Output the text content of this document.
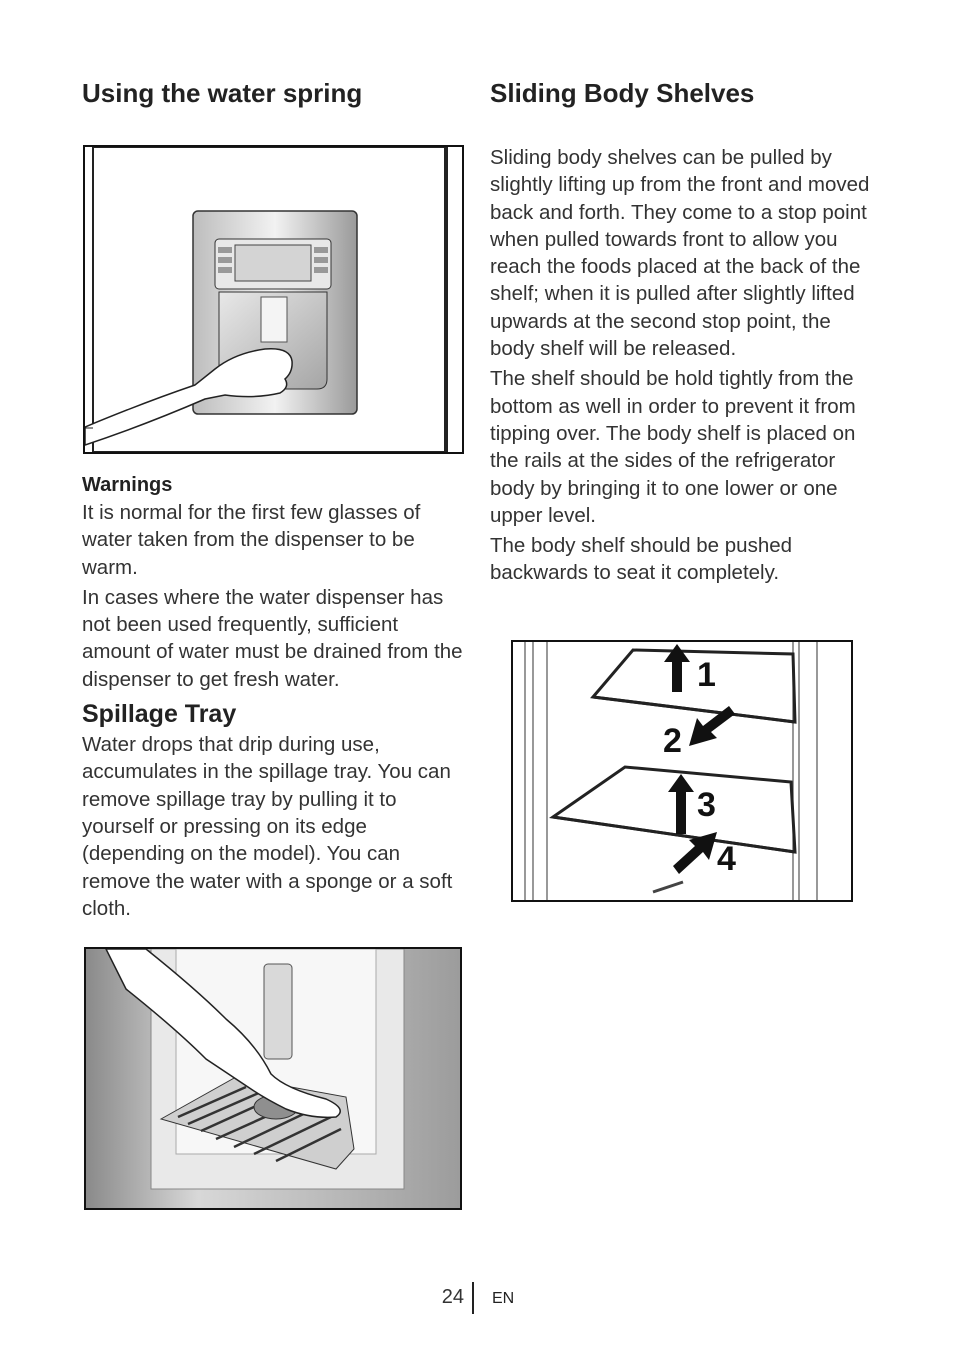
Using the water spring
Warnings

It is normal for the first few glasses of water taken from the dispenser to be warm.

In cases where the water dispenser has not been used frequently, sufficient amount of water must be drained from the dispenser to get fresh water.

Spillage Tray

Water drops that drip during use, accumulates in the spillage tray. You can remove spillage tray by pulling it to yourself or pressing on its edge (depending on the model). You can remove the water with a sponge or a soft cloth.

Sliding Body Shelves

Sliding body shelves can be pulled by slightly lifting up from the front and moved back and forth. They come to a stop point when pulled towards front to allow you reach the foods placed at the back of the shelf; when it is pulled after slightly lifted upwards at the second stop point, the body shelf will be released.

The shelf should be hold tightly from the bottom as well in order to prevent it from tipping over. The body shelf is placed on the rails at the sides of the refrigerator body by bringing it to one lower or one upper level.

The body shelf should be pushed backwards to seat it completely.

1
2
3
4
24 EN
